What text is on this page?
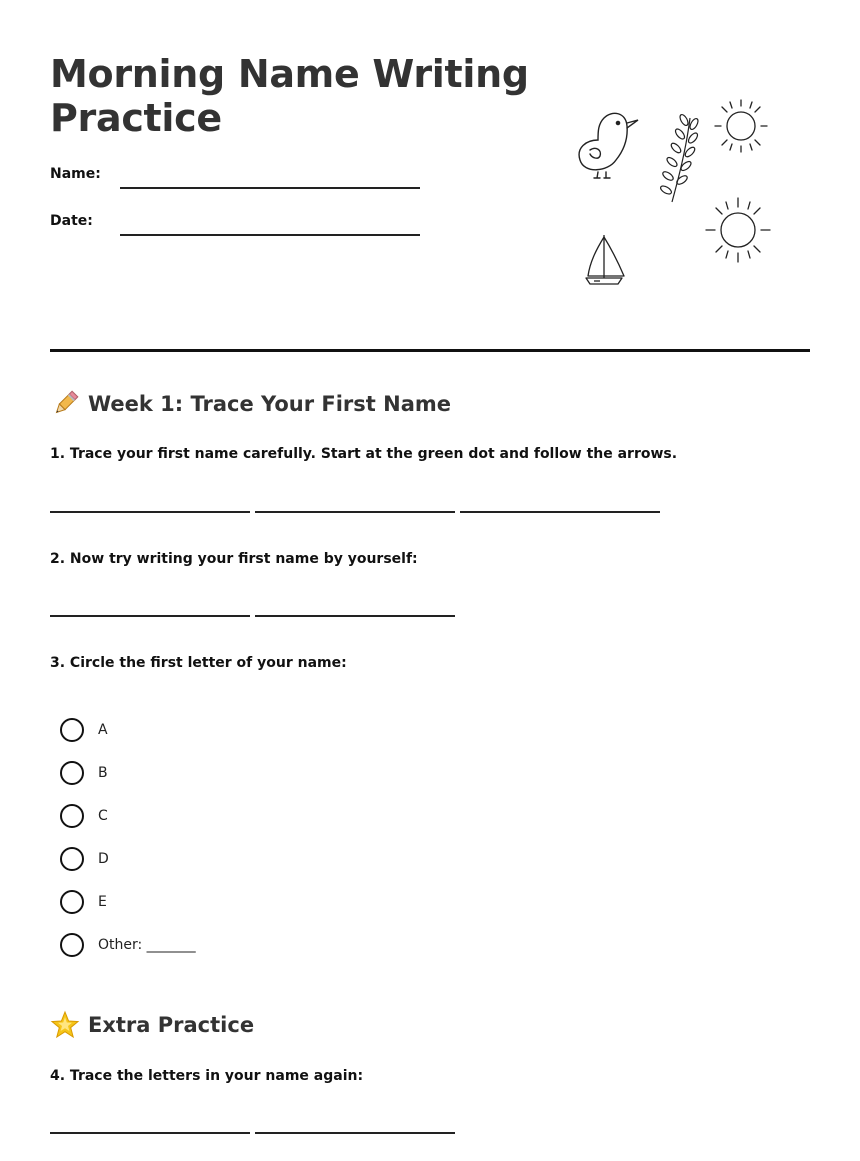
Morning Name Writing Practice
Name:
Date:
Week 1: Trace Your First Name
1. Trace your first name carefully. Start at the green dot and follow the arrows.
2. Now try writing your first name by yourself:
3. Circle the first letter of your name:
A
B
C
D
E
Other: _______
Extra Practice
4. Trace the letters in your name again:
